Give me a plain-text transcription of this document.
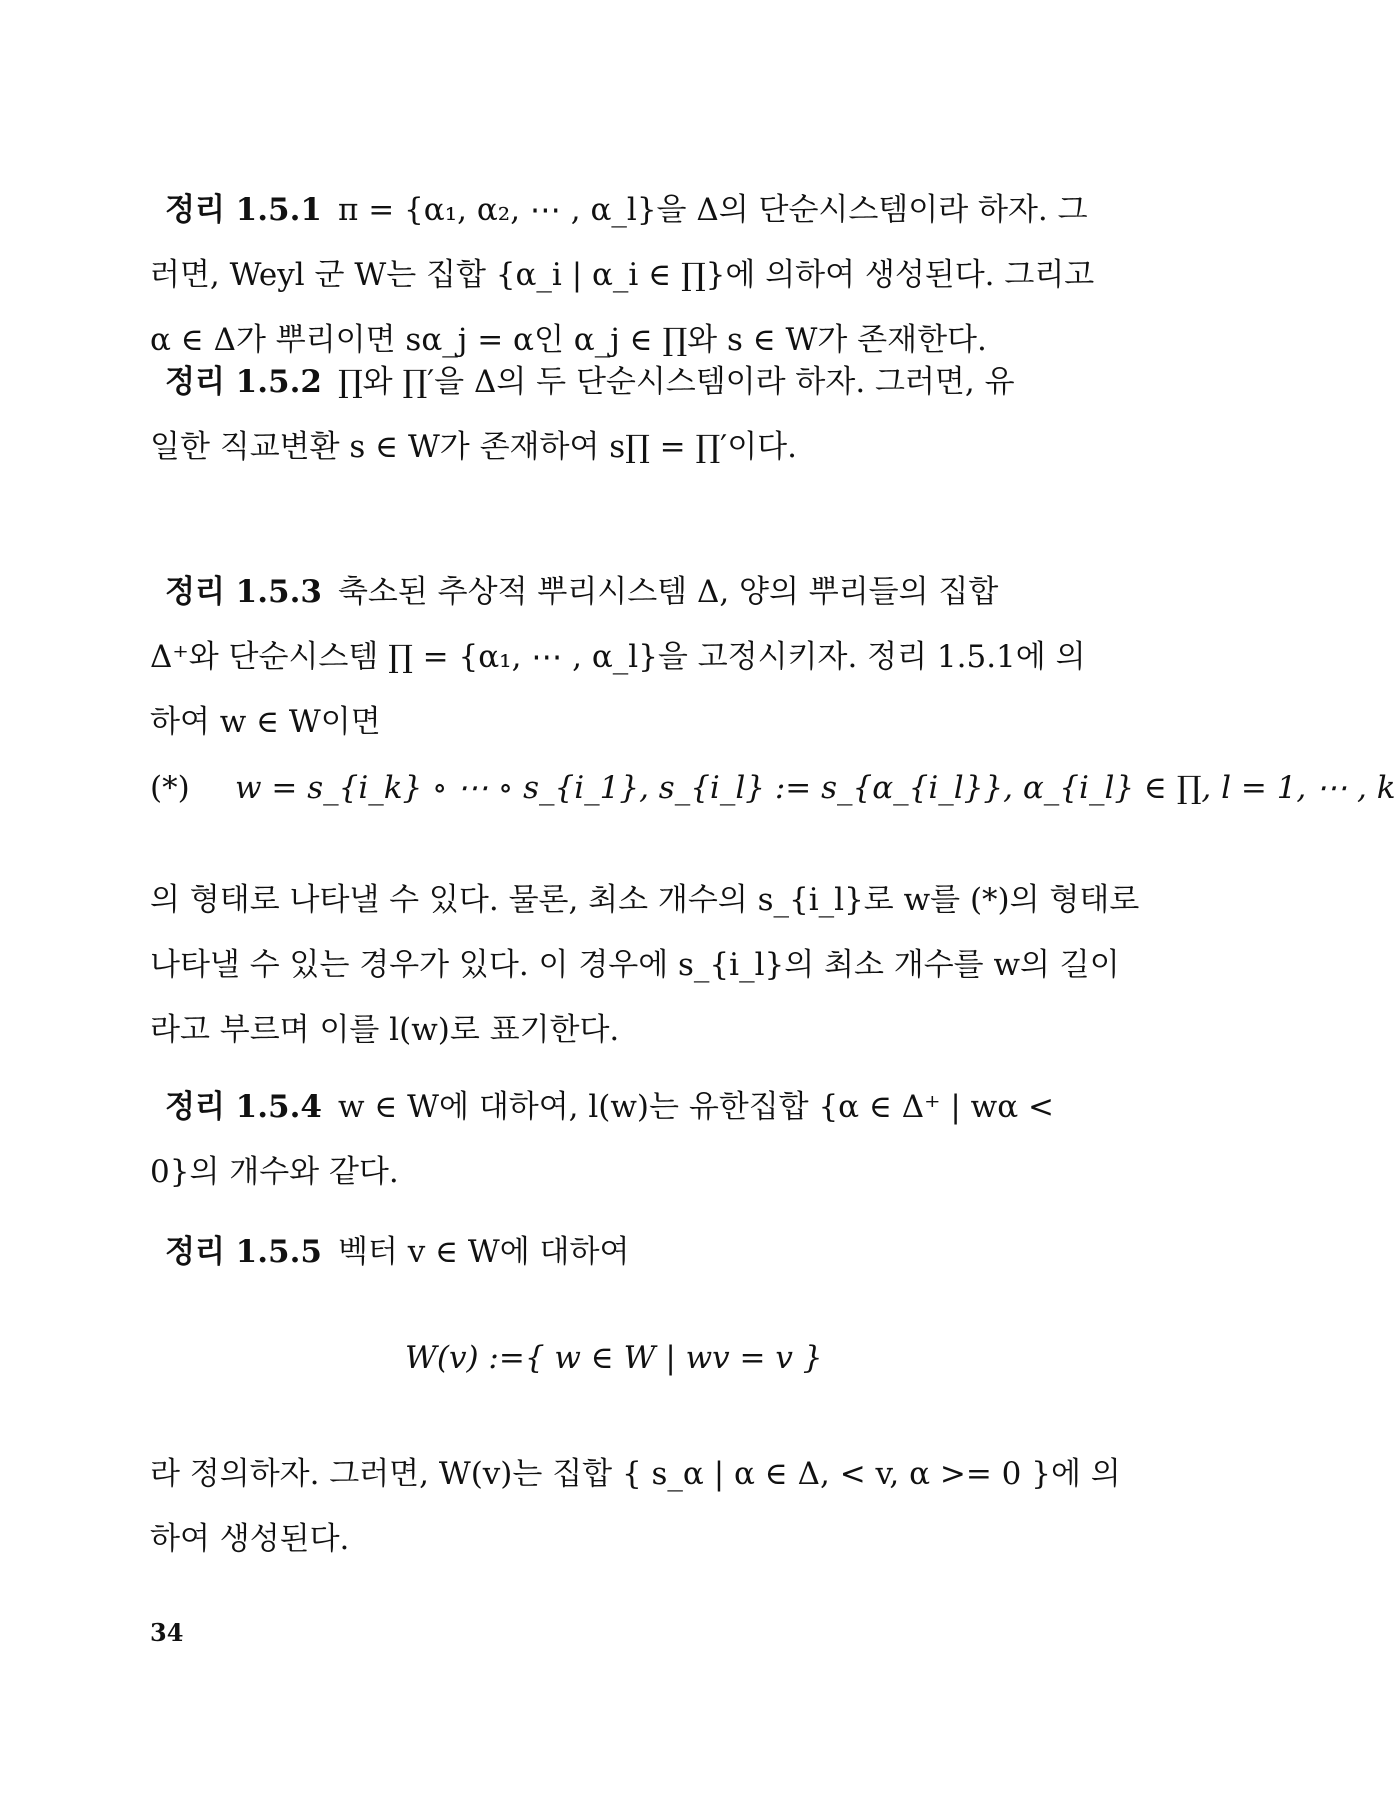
정리 1.5.1 π = {α₁, α₂, ⋯ , α_l}을 Δ의 단순시스템이라 하자. 그
러면, Weyl 군 W는 집합 {α_i | α_i ∈ ∏}에 의하여 생성된다. 그리고
α ∈ Δ가 뿌리이면 sα_j = α인 α_j ∈ ∏와 s ∈ W가 존재한다.
정리 1.5.2 ∏와 ∏′을 Δ의 두 단순시스템이라 하자. 그러면, 유
일한 직교변환 s ∈ W가 존재하여 s∏ = ∏′이다.
정리 1.5.3 축소된 추상적 뿌리시스템 Δ, 양의 뿌리들의 집합
Δ⁺와 단순시스템 ∏ = {α₁, ⋯ , α_l}을 고정시키자. 정리 1.5.1에 의
하여 w ∈ W이면
(*) w = s_{i_k} ∘ ⋯ ∘ s_{i_1}, s_{i_l} := s_{α_{i_l}}, α_{i_l} ∈ ∏, l = 1, ⋯ , k
의 형태로 나타낼 수 있다. 물론, 최소 개수의 s_{i_l}로 w를 (*)의 형태로
나타낼 수 있는 경우가 있다. 이 경우에 s_{i_l}의 최소 개수를 w의 길이
라고 부르며 이를 l(w)로 표기한다.
정리 1.5.4 w ∈ W에 대하여, l(w)는 유한집합 {α ∈ Δ⁺ | wα <
0}의 개수와 같다.
정리 1.5.5 벡터 v ∈ W에 대하여
W(v) :={ w ∈ W | wv = v }
라 정의하자. 그러면, W(v)는 집합 { s_α | α ∈ Δ, < v, α >= 0 }에 의
하여 생성된다.
34
